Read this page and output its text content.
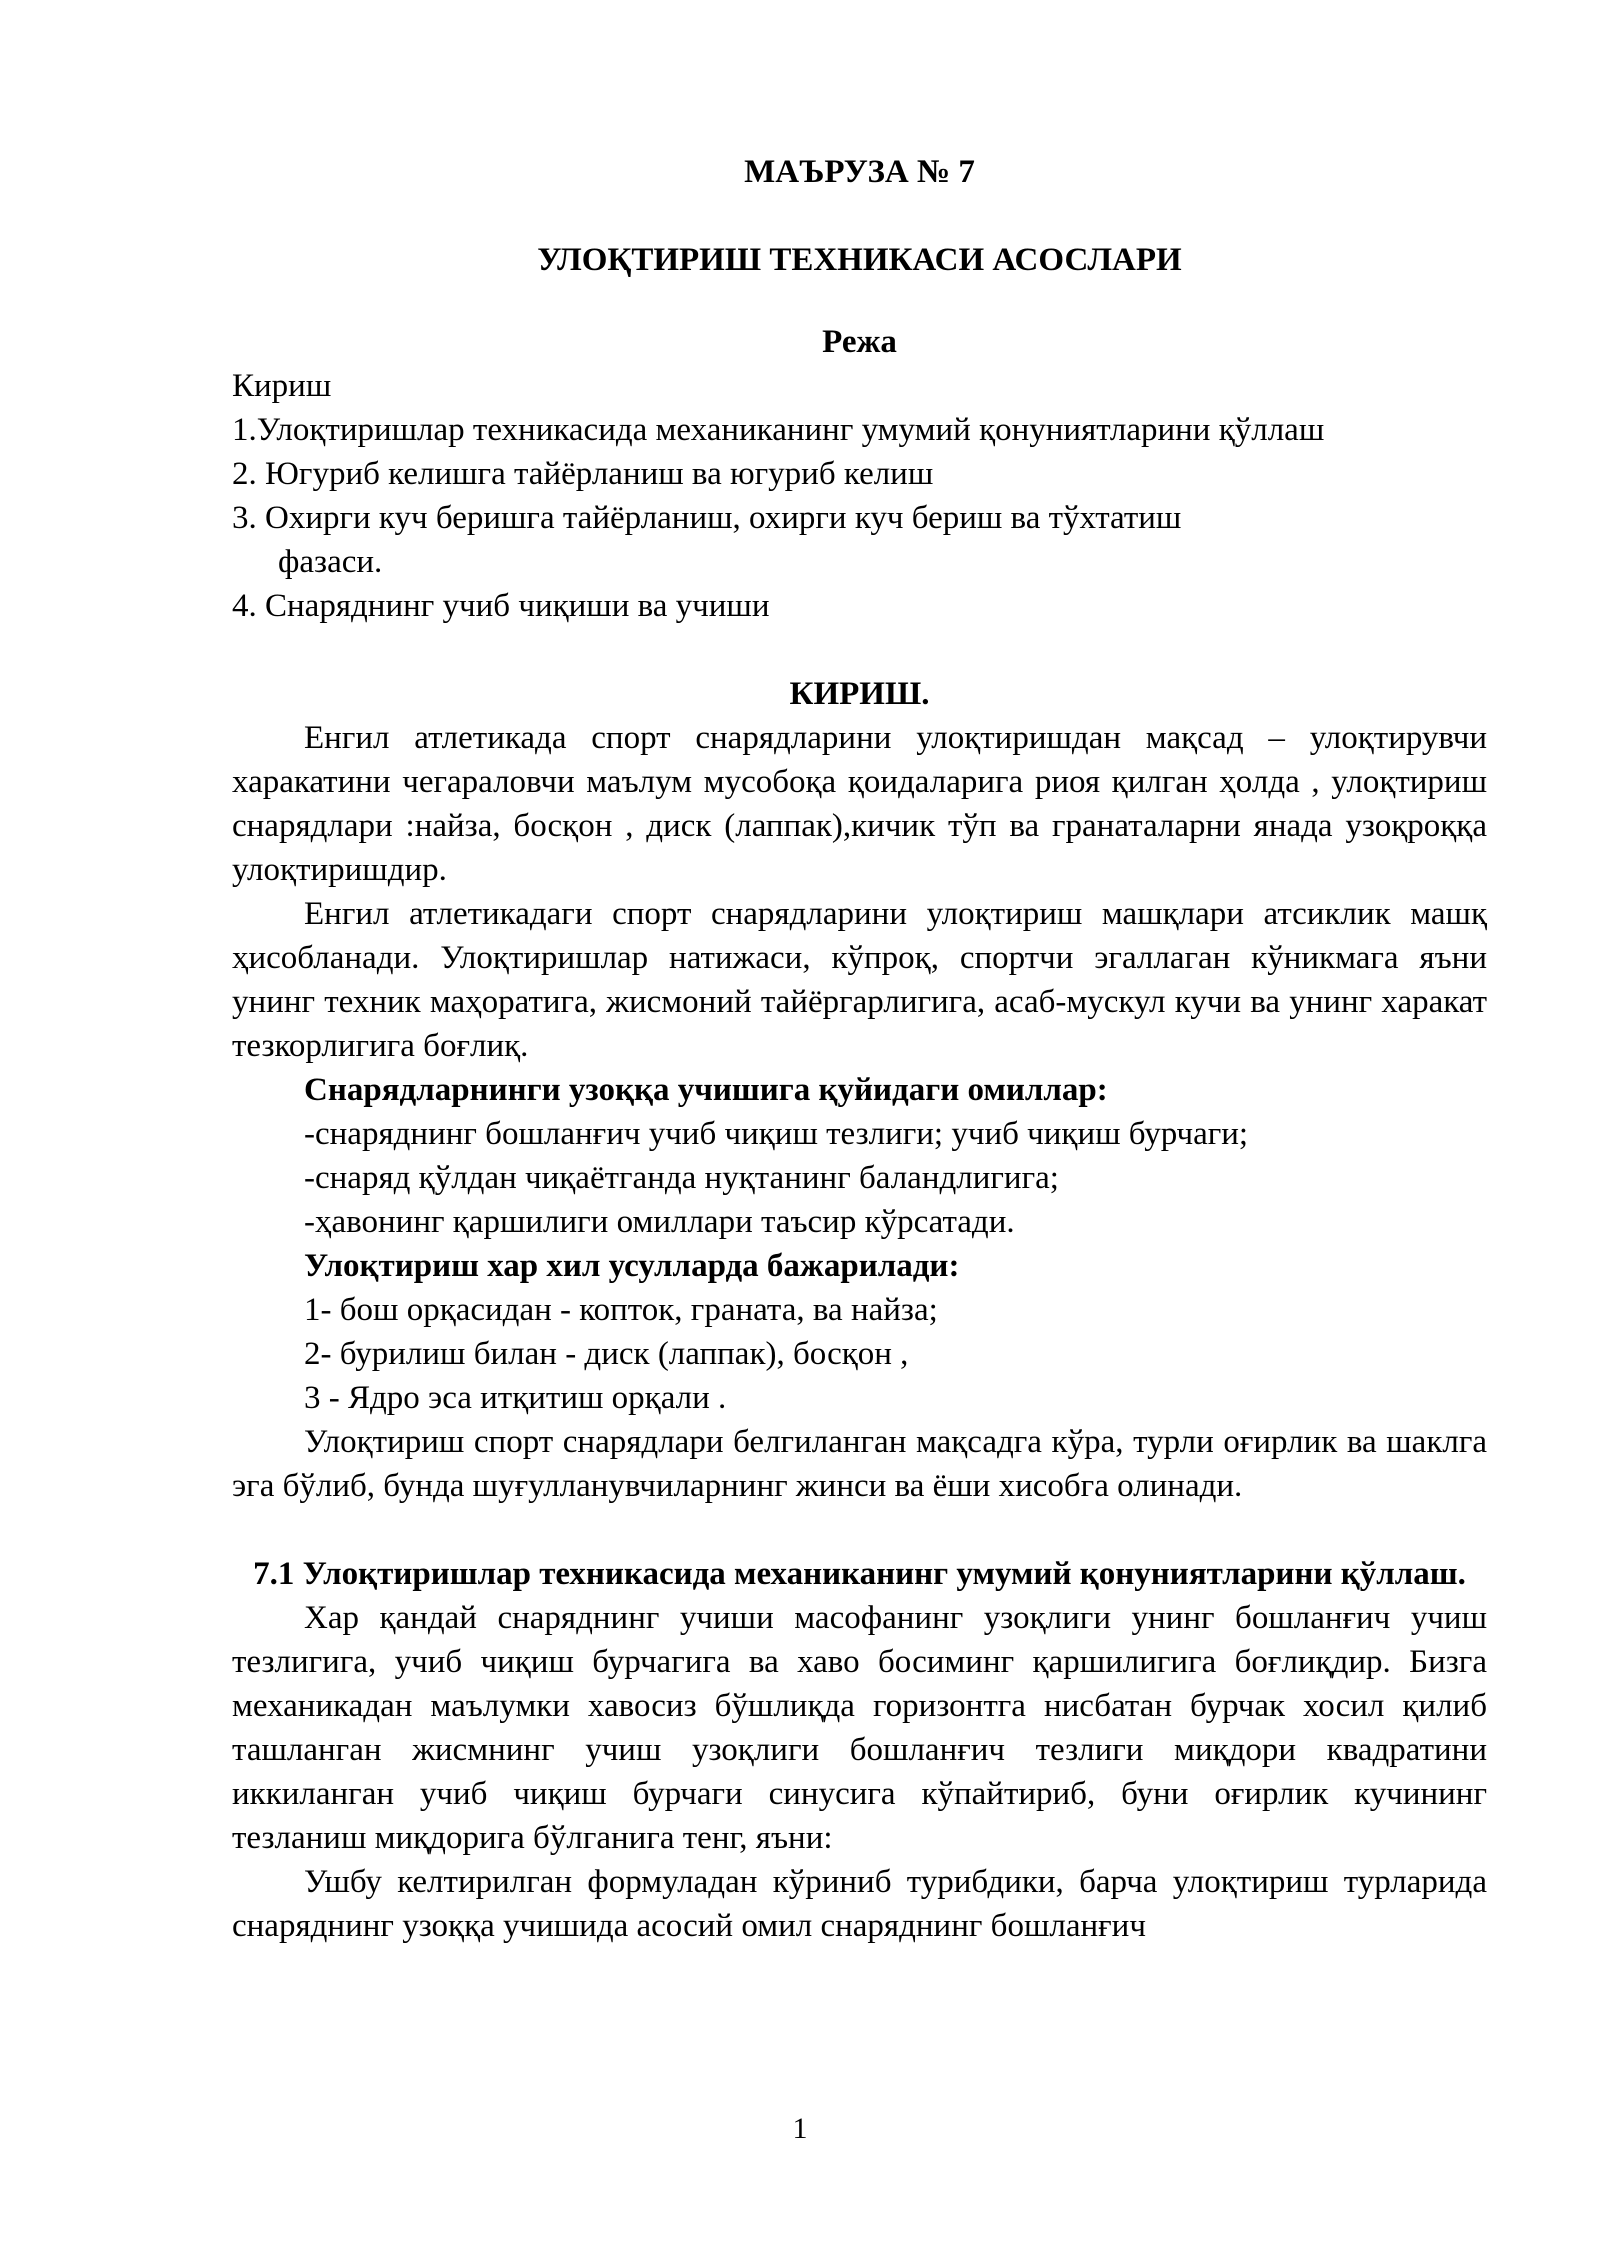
МАЪРУЗА № 7
УЛОҚТИРИШ ТЕХНИКАСИ АСОСЛАРИ
Режа
Кириш
1.Улоқтиришлар техникасида механиканинг умумий қонуниятларини қўллаш
2. Югуриб келишга тайёрланиш ва югуриб келиш
3. Охирги куч беришга тайёрланиш, охирги куч бериш ва тўхтатиш
фазаси.
4. Снаряднинг учиб чиқиши ва учиши
КИРИШ.

Енгил атлетикада спорт снарядларини улоқтиришдан мақсад – улоқтирувчи харакатини чегараловчи маълум мусобоқа қоидаларига риоя қилган ҳолда , улоқтириш снарядлари :найза, босқон , диск (лаппак),кичик тўп ва гранаталарни янада узоқроққа улоқтиришдир.

Енгил атлетикадаги спорт снарядларини улоқтириш машқлари атсиклик машқ ҳисобланади. Улоқтиришлар натижаси, кўпроқ, спортчи эгаллаган кўникмага яъни унинг техник маҳоратига, жисмоний тайёргарлигига, асаб-мускул кучи ва унинг харакат тезкорлигига боғлиқ.

Снарядларнинги узоққа учишига қуйидаги омиллар:
-снаряднинг бошланғич учиб чиқиш тезлиги; учиб чиқиш бурчаги;
-снаряд қўлдан чиқаётганда нуқтанинг баландлигига;
-ҳавонинг қаршилиги омиллари таъсир кўрсатади.
Улоқтириш хар хил усулларда бажарилади:
1- бош орқасидан - копток, граната, ва найза;
2- бурилиш билан - диск (лаппак), босқон ,
3 - Ядро эса итқитиш орқали .

Улоқтириш спорт снарядлари белгиланган мақсадга кўра, турли оғирлик ва шаклга эга бўлиб, бунда шуғулланувчиларнинг жинси ва ёши хисобга олинади.

7.1 Улоқтиришлар техникасида механиканинг умумий қонуниятларини қўллаш.

Хар қандай снаряднинг учиши масофанинг узоқлиги унинг бошланғич учиш тезлигига, учиб чиқиш бурчагига ва хаво босиминг қаршилигига боғлиқдир. Бизга механикадан маълумки хавосиз бўшлиқда горизонтга нисбатан бурчак хосил қилиб ташланган жисмнинг учиш узоқлиги бошланғич тезлиги миқдори квадратини иккиланган учиб чиқиш бурчаги синусига кўпайтириб, буни оғирлик кучининг тезланиш миқдорига бўлганига тенг, яъни:

Ушбу келтирилган формуладан кўриниб турибдики, барча улоқтириш турларида снаряднинг узоққа учишида асосий омил снаряднинг бошланғич

1
